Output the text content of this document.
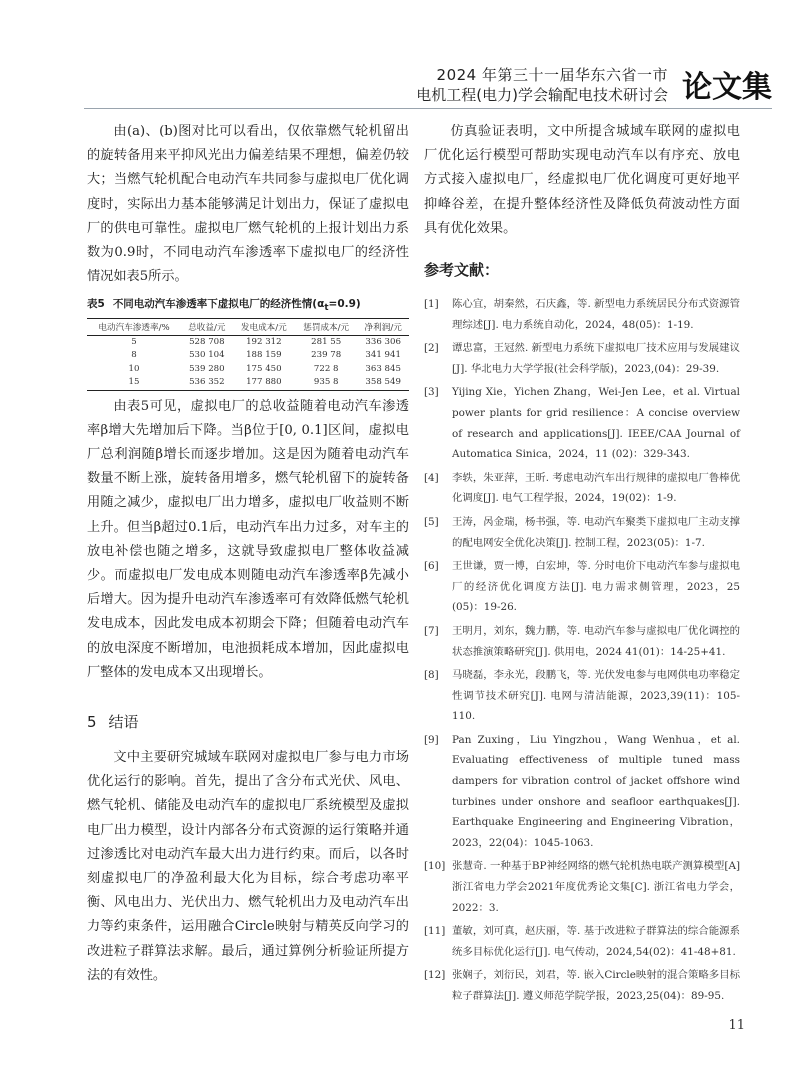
2024 年第三十一届华东六省一市
电机工程(电力)学会输配电技术研讨会 论文集

由(a)、(b)图对比可以看出，仅依靠燃气轮机留出的旋转备用来平抑风光出力偏差结果不理想，偏差仍较大；当燃气轮机配合电动汽车共同参与虚拟电厂优化调度时，实际出力基本能够满足计划出力，保证了虚拟电厂的供电可靠性。虚拟电厂燃气轮机的上报计划出力系数为0.9时，不同电动汽车渗透率下虚拟电厂的经济性情况如表5所示。

表5 不同电动汽车渗透率下虚拟电厂的经济性情$(\alpha_t=0.9)$
电动汽车渗透率/%	总收益/元	发电成本/元	惩罚成本/元	净利润/元
5	528 708	192 312	281 55	336 306
8	530 104	188 159	239 78	341 941
10	539 280	175 450	722 8	363 845
15	536 352	177 880	935 8	358 549

由表5可见，虚拟电厂的总收益随着电动汽车渗透率β增大先增加后下降。当β位于[0, 0.1]区间，虚拟电厂总利润随β增长而逐步增加。这是因为随着电动汽车数量不断上涨，旋转备用增多，燃气轮机留下的旋转备用随之减少，虚拟电厂出力增多，虚拟电厂收益则不断上升。但当β超过0.1后，电动汽车出力过多，对车主的放电补偿也随之增多，这就导致虚拟电厂整体收益减少。而虚拟电厂发电成本则随电动汽车渗透率β先减小后增大。因为提升电动汽车渗透率可有效降低燃气轮机发电成本，因此发电成本初期会下降；但随着电动汽车的放电深度不断增加，电池损耗成本增加，因此虚拟电厂整体的发电成本又出现增长。

5 结语

文中主要研究城域车联网对虚拟电厂参与电力市场优化运行的影响。首先，提出了含分布式光伏、风电、燃气轮机、储能及电动汽车的虚拟电厂系统模型及虚拟电厂出力模型，设计内部各分布式资源的运行策略并通过渗透比对电动汽车最大出力进行约束。而后，以各时刻虚拟电厂的净盈利最大化为目标，综合考虑功率平衡、风电出力、光伏出力、燃气轮机出力及电动汽车出力等约束条件，运用融合Circle映射与精英反向学习的改进粒子群算法求解。最后，通过算例分析验证所提方法的有效性。

仿真验证表明，文中所提含城域车联网的虚拟电厂优化运行模型可帮助实现电动汽车以有序充、放电方式接入虚拟电厂，经虚拟电厂优化调度可更好地平抑峰谷差，在提升整体经济性及降低负荷波动性方面具有优化效果。

参考文献：
[1] 陈心宜，胡秦然，石庆鑫，等. 新型电力系统居民分布式资源管理综述[J]. 电力系统自动化，2024，48(05)：1-19.
[2] 谭忠富，王冠然. 新型电力系统下虚拟电厂技术应用与发展建议[J]. 华北电力大学学报(社会科学版)，2023,(04)：29-39.
[3] Yijing Xie，Yichen Zhang，Wei-Jen Lee，et al. Virtual power plants for grid resilience：A concise overview of research and applications[J]. IEEE/CAA Journal of Automatica Sinica，2024，11 (02)：329-343.
[4] 李轶，朱亚萍，王昕. 考虑电动汽车出行规律的虚拟电厂鲁棒优化调度[J]. 电气工程学报，2024，19(02)：1-9.
[5] 王涛，呙金瑞，杨书强，等. 电动汽车聚类下虚拟电厂主动支撑的配电网安全优化决策[J]. 控制工程，2023(05)：1-7.
[6] 王世谦，贾一博，白宏坤，等. 分时电价下电动汽车参与虚拟电厂的经济优化调度方法[J]. 电力需求侧管理，2023，25 (05)：19-26.
[7] 王明月，刘东，魏力鹏，等. 电动汽车参与虚拟电厂优化调控的状态推演策略研究[J]. 供用电，2024 41(01)：14-25+41.
[8] 马晓磊，李永光，段鹏飞，等. 光伏发电参与电网供电功率稳定性调节技术研究[J]. 电网与清洁能源，2023,39(11)：105-110.
[9] Pan Zuxing，Liu Yingzhou，Wang Wenhua，et al. Evaluating effectiveness of multiple tuned mass dampers for vibration control of jacket offshore wind turbines under onshore and seafloor earthquakes[J]. Earthquake Engineering and Engineering Vibration，2023，22(04)：1045-1063.
[10] 张慧奇. 一种基于BP神经网络的燃气轮机热电联产测算模型[A]浙江省电力学会2021年度优秀论文集[C]. 浙江省电力学会，2022：3.
[11] 董敏，刘可真，赵庆丽，等. 基于改进粒子群算法的综合能源系统多目标优化运行[J]. 电气传动，2024,54(02)：41-48+81.
[12] 张娴子，刘衍民，刘君，等. 嵌入Circle映射的混合策略多目标粒子群算法[J]. 遵义师范学院学报，2023,25(04)：89-95.
11
